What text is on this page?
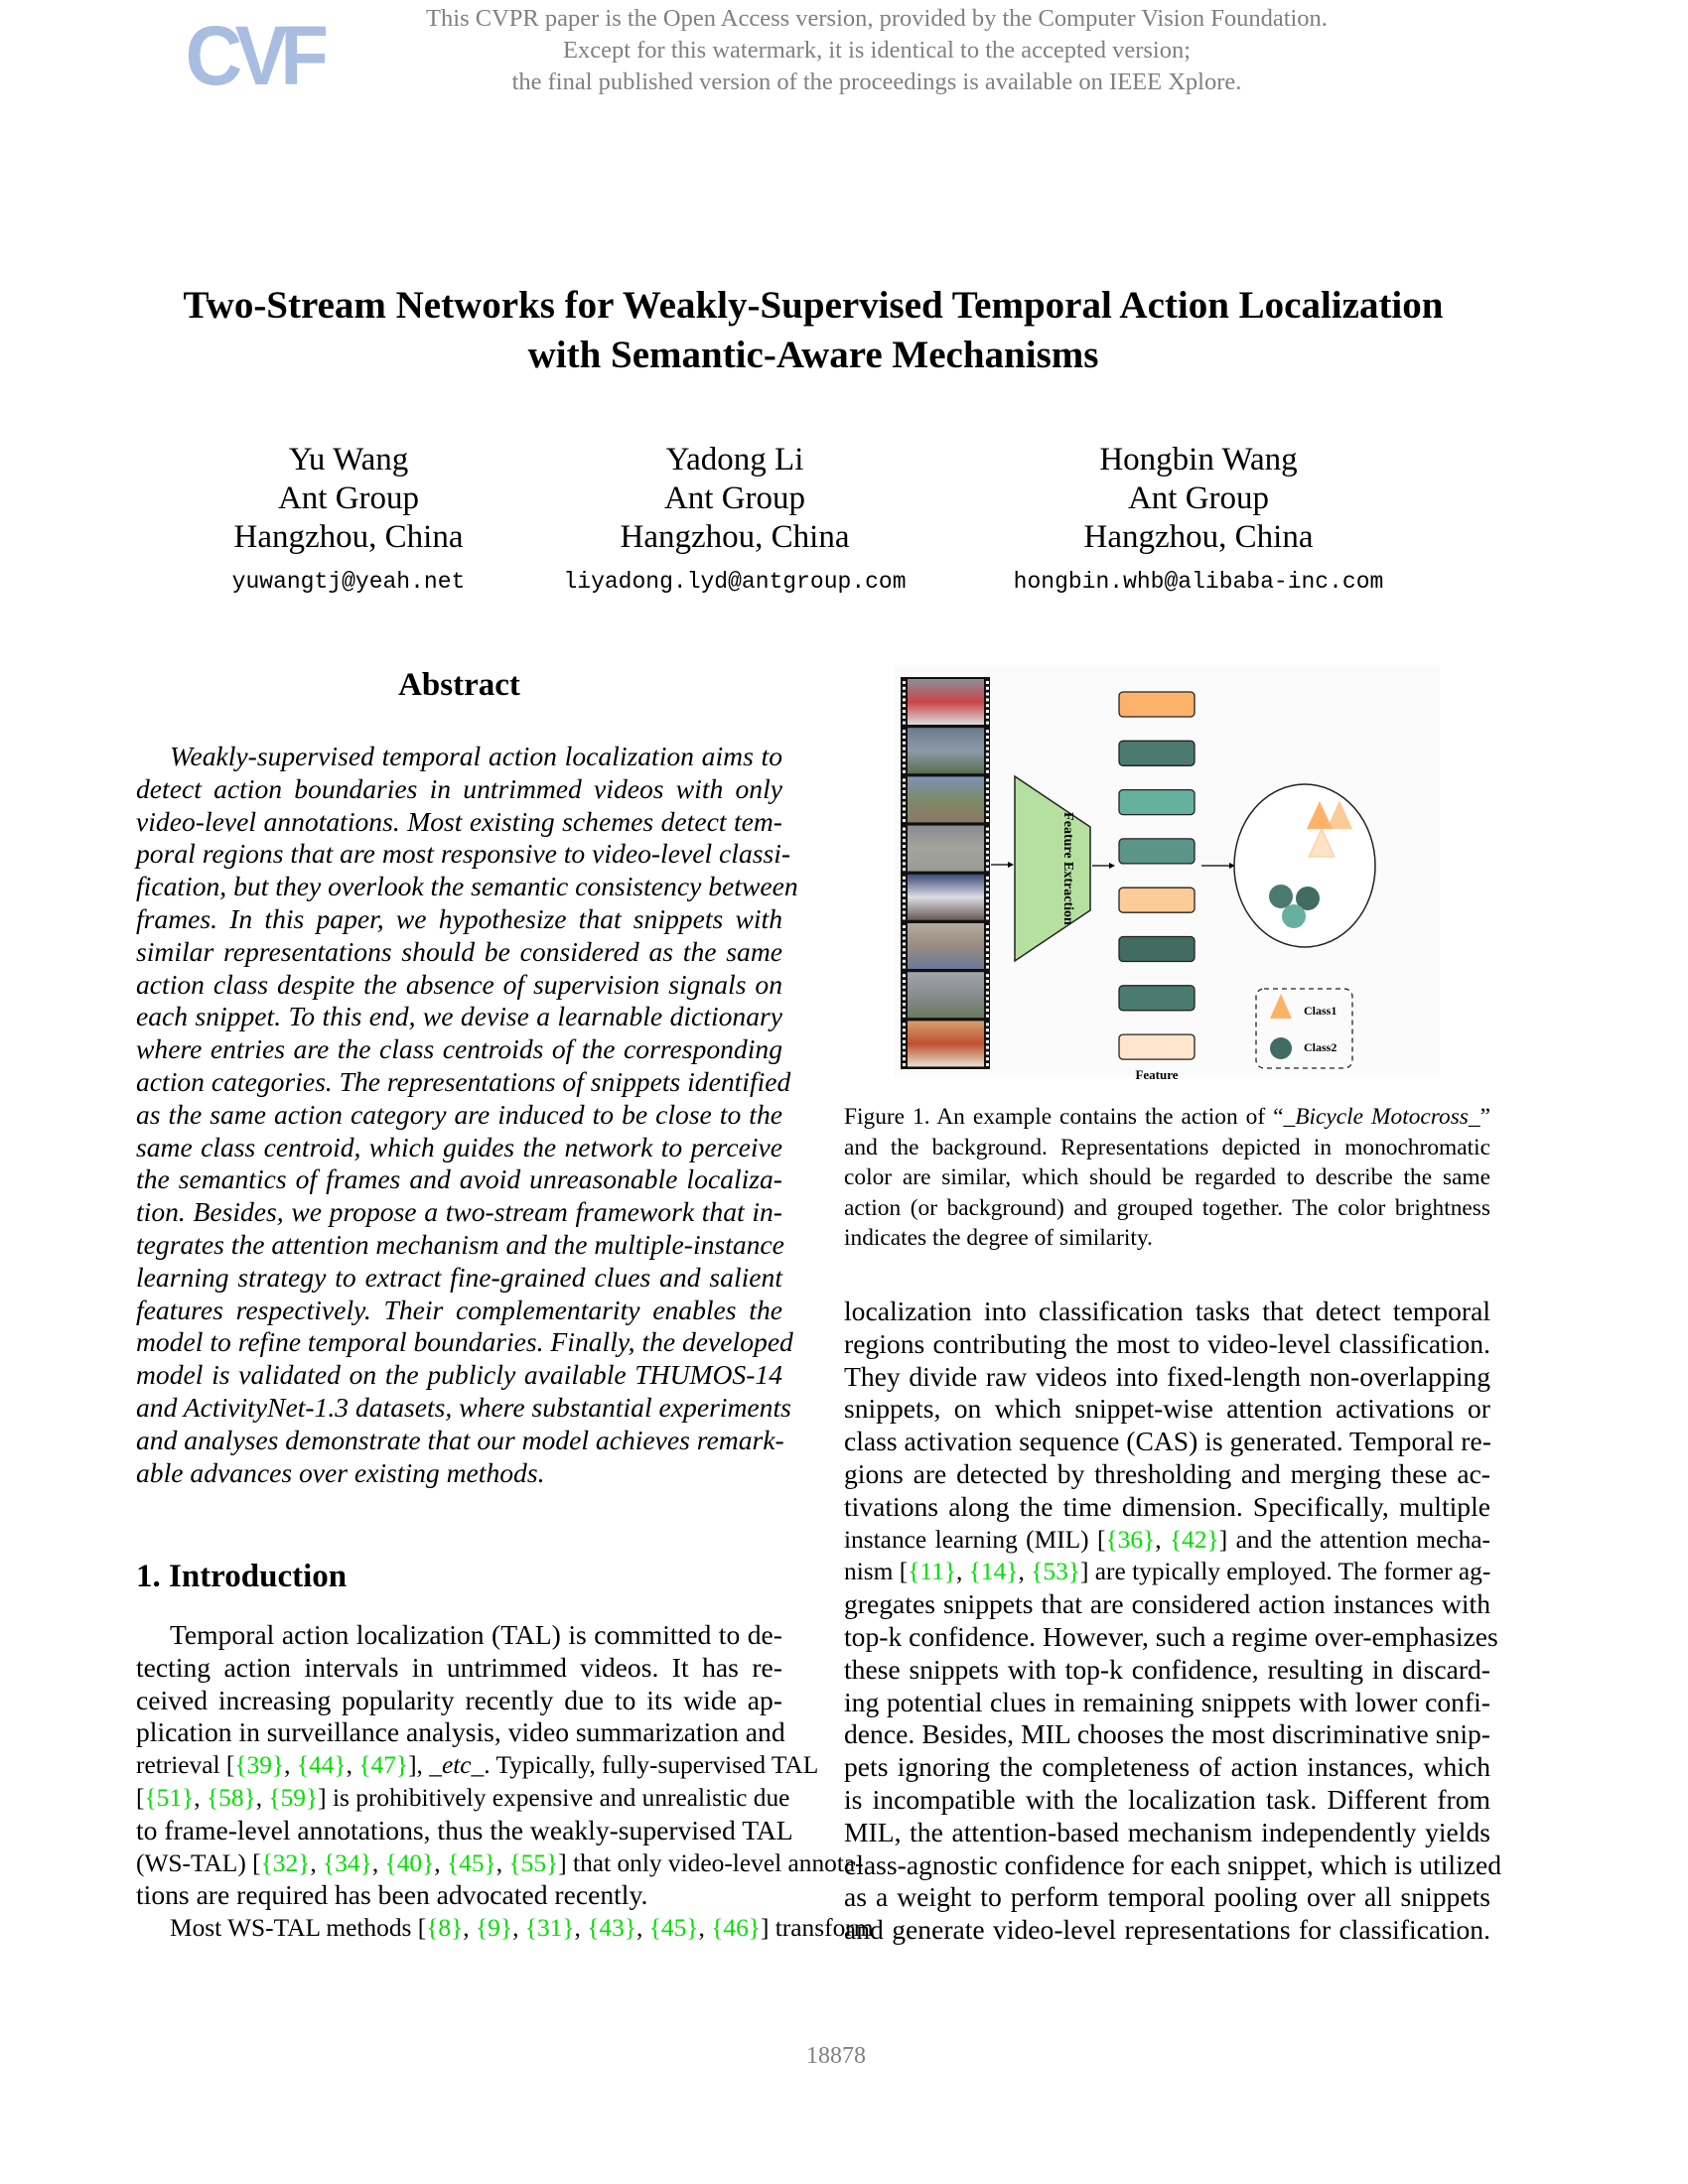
CVF	This CVPR paper is the Open Access version, provided by the Computer Vision Foundation.
Except for this watermark, it is identical to the accepted version;
the final published version of the proceedings is available on IEEE Xplore.
Two-Stream Networks for Weakly-Supervised Temporal Action Localization
with Semantic-Aware Mechanisms
Yu Wang
Ant Group
Hangzhou, China
yuwangtj@yeah.net
Yadong Li
Ant Group
Hangzhou, China
liyadong.lyd@antgroup.com
Hongbin Wang
Ant Group
Hangzhou, China
hongbin.whb@alibaba-inc.com
Abstract
Weakly-supervised temporal action localization aims to
detect action boundaries in untrimmed videos with only
video-level annotations. Most existing schemes detect tem-
poral regions that are most responsive to video-level classi-
fication, but they overlook the semantic consistency between
frames. In this paper, we hypothesize that snippets with
similar representations should be considered as the same
action class despite the absence of supervision signals on
each snippet. To this end, we devise a learnable dictionary
where entries are the class centroids of the corresponding
action categories. The representations of snippets identified
as the same action category are induced to be close to the
same class centroid, which guides the network to perceive
the semantics of frames and avoid unreasonable localiza-
tion. Besides, we propose a two-stream framework that in-
tegrates the attention mechanism and the multiple-instance
learning strategy to extract fine-grained clues and salient
features respectively. Their complementarity enables the
model to refine temporal boundaries. Finally, the developed
model is validated on the publicly available THUMOS-14
and ActivityNet-1.3 datasets, where substantial experiments
and analyses demonstrate that our model achieves remark-
able advances over existing methods.
1. Introduction
Temporal action localization (TAL) is committed to de-
tecting action intervals in untrimmed videos. It has re-
ceived increasing popularity recently due to its wide ap-
plication in surveillance analysis, video summarization and
retrieval [{39}, {44}, {47}], _etc_. Typically, fully-supervised TAL
[{51}, {58}, {59}] is prohibitively expensive and unrealistic due
to frame-level annotations, thus the weakly-supervised TAL
(WS-TAL) [{32}, {34}, {40}, {45}, {55}] that only video-level annota-
tions are required has been advocated recently.
Most WS-TAL methods [{8}, {9}, {31}, {43}, {45}, {46}] transform
Feature Extraction
Feature
Class1
Class2
Figure 1. An example contains the action of “_Bicycle Motocross_”
and the background. Representations depicted in monochromatic
color are similar, which should be regarded to describe the same
action (or background) and grouped together. The color brightness
indicates the degree of similarity.
localization into classification tasks that detect temporal
regions contributing the most to video-level classification.
They divide raw videos into fixed-length non-overlapping
snippets, on which snippet-wise attention activations or
class activation sequence (CAS) is generated. Temporal re-
gions are detected by thresholding and merging these ac-
tivations along the time dimension. Specifically, multiple
instance learning (MIL) [{36}, {42}] and the attention mecha-
nism [{11}, {14}, {53}] are typically employed. The former ag-
gregates snippets that are considered action instances with
top-k confidence. However, such a regime over-emphasizes
these snippets with top-k confidence, resulting in discard-
ing potential clues in remaining snippets with lower confi-
dence. Besides, MIL chooses the most discriminative snip-
pets ignoring the completeness of action instances, which
is incompatible with the localization task. Different from
MIL, the attention-based mechanism independently yields
class-agnostic confidence for each snippet, which is utilized
as a weight to perform temporal pooling over all snippets
and generate video-level representations for classification.
18878
